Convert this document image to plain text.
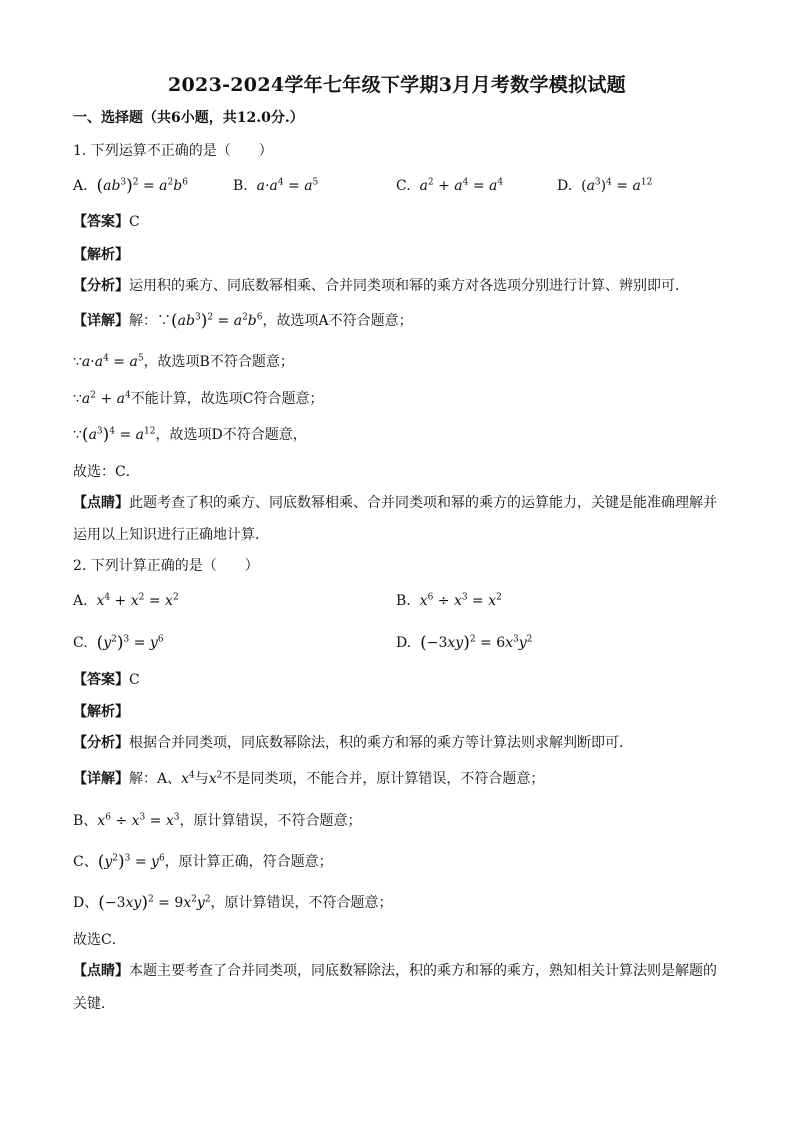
2023-2024学年七年级下学期3月月考数学模拟试题
一、选择题（共6小题，共12.0分.）
1. 下列运算不正确的是（　　）
A. $(ab^3)^2 = a^2b^6$	B.  $a\cdot a^4 = a^5$	C.  $a^2 + a^4 = a^4$	D. $(a^3)^4 = a^{12}$
【答案】C
【解析】
【分析】运用积的乘方、同底数幂相乘、合并同类项和幂的乘方对各选项分别进行计算、辨别即可．
【详解】解：$\because(ab^3)^2 = a^2b^6$，故选项A不符合题意；
$\because a\cdot a^4 = a^5$，故选项B不符合题意；
$\because a^2 + a^4$不能计算，故选项C符合题意；
$\because(a^3)^4 = a^{12}$，故选项D不符合题意，
故选：C．
【点睛】此题考查了积的乘方、同底数幂相乘、合并同类项和幂的乘方的运算能力，关键是能准确理解并
运用以上知识进行正确地计算．
2. 下列计算正确的是（　　）
A.  $x^4 + x^2 = x^2$	B.  $x^6 \div x^3 = x^2$
C. $(y^2)^3 = y^6$	D. $(-3xy)^2 = 6x^3y^2$
【答案】C
【解析】
【分析】根据合并同类项，同底数幂除法，积的乘方和幂的乘方等计算法则求解判断即可．
【详解】解：A、$x^4$与$x^2$不是同类项，不能合并，原计算错误，不符合题意；
B、$x^6 \div x^3 = x^3$，原计算错误，不符合题意；
C、$(y^2)^3 = y^6$，原计算正确，符合题意；
D、$(-3xy)^2 = 9x^2y^2$，原计算错误，不符合题意；
故选C．
【点睛】本题主要考查了合并同类项，同底数幂除法，积的乘方和幂的乘方，熟知相关计算法则是解题的
关键．
